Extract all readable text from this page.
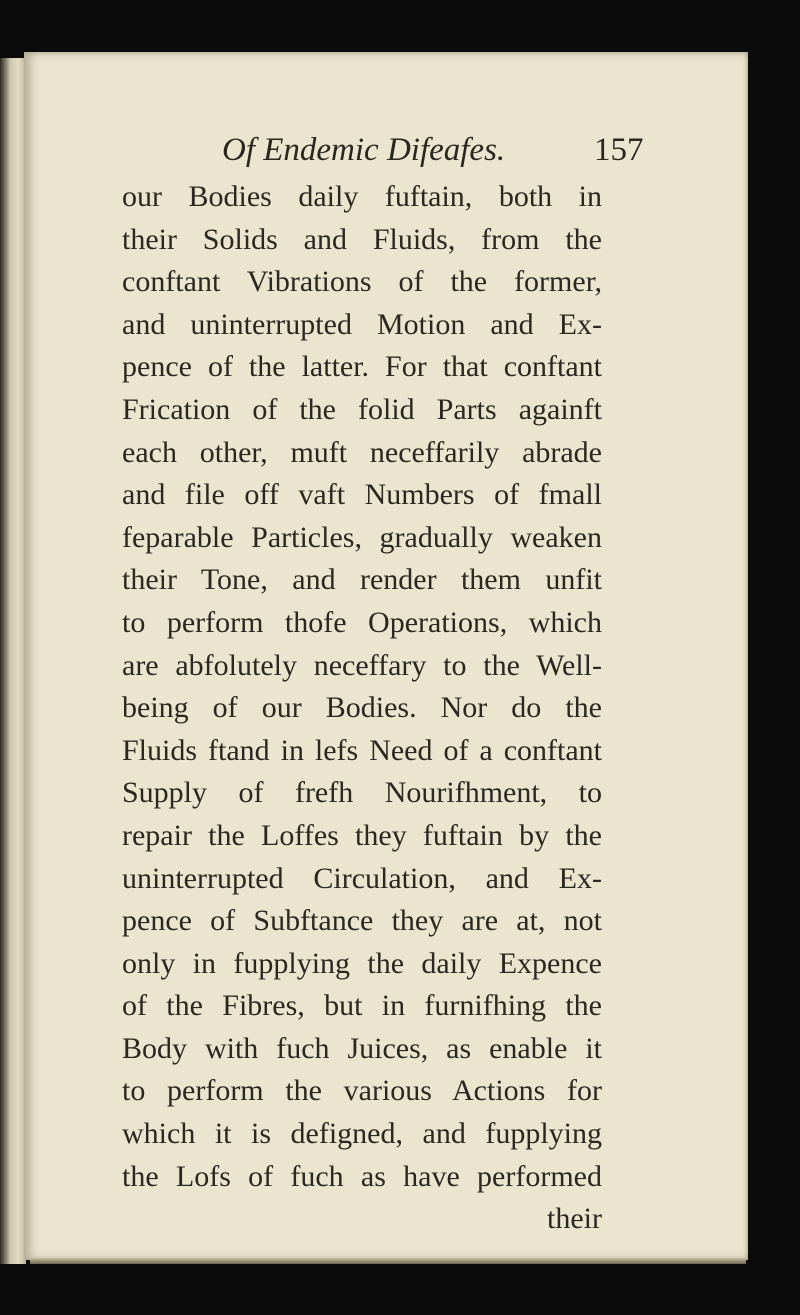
Of Endemic Difeafes.	157
our Bodies daily fuftain, both in
their Solids and Fluids, from the
conftant Vibrations of the former,
and uninterrupted Motion and Ex-
pence of the latter. For that conftant
Frication of the folid Parts againft
each other, muft neceffarily abrade
and file off vaft Numbers of fmall
feparable Particles, gradually weaken
their Tone, and render them unfit
to perform thofe Operations, which
are abfolutely neceffary to the Well-
being of our Bodies. Nor do the
Fluids ftand in lefs Need of a conftant
Supply of frefh Nourifhment, to
repair the Loffes they fuftain by the
uninterrupted Circulation, and Ex-
pence of Subftance they are at, not
only in fupplying the daily Expence
of the Fibres, but in furnifhing the
Body with fuch Juices, as enable it
to perform the various Actions for
which it is defigned, and fupplying
the Lofs of fuch as have performed
their
